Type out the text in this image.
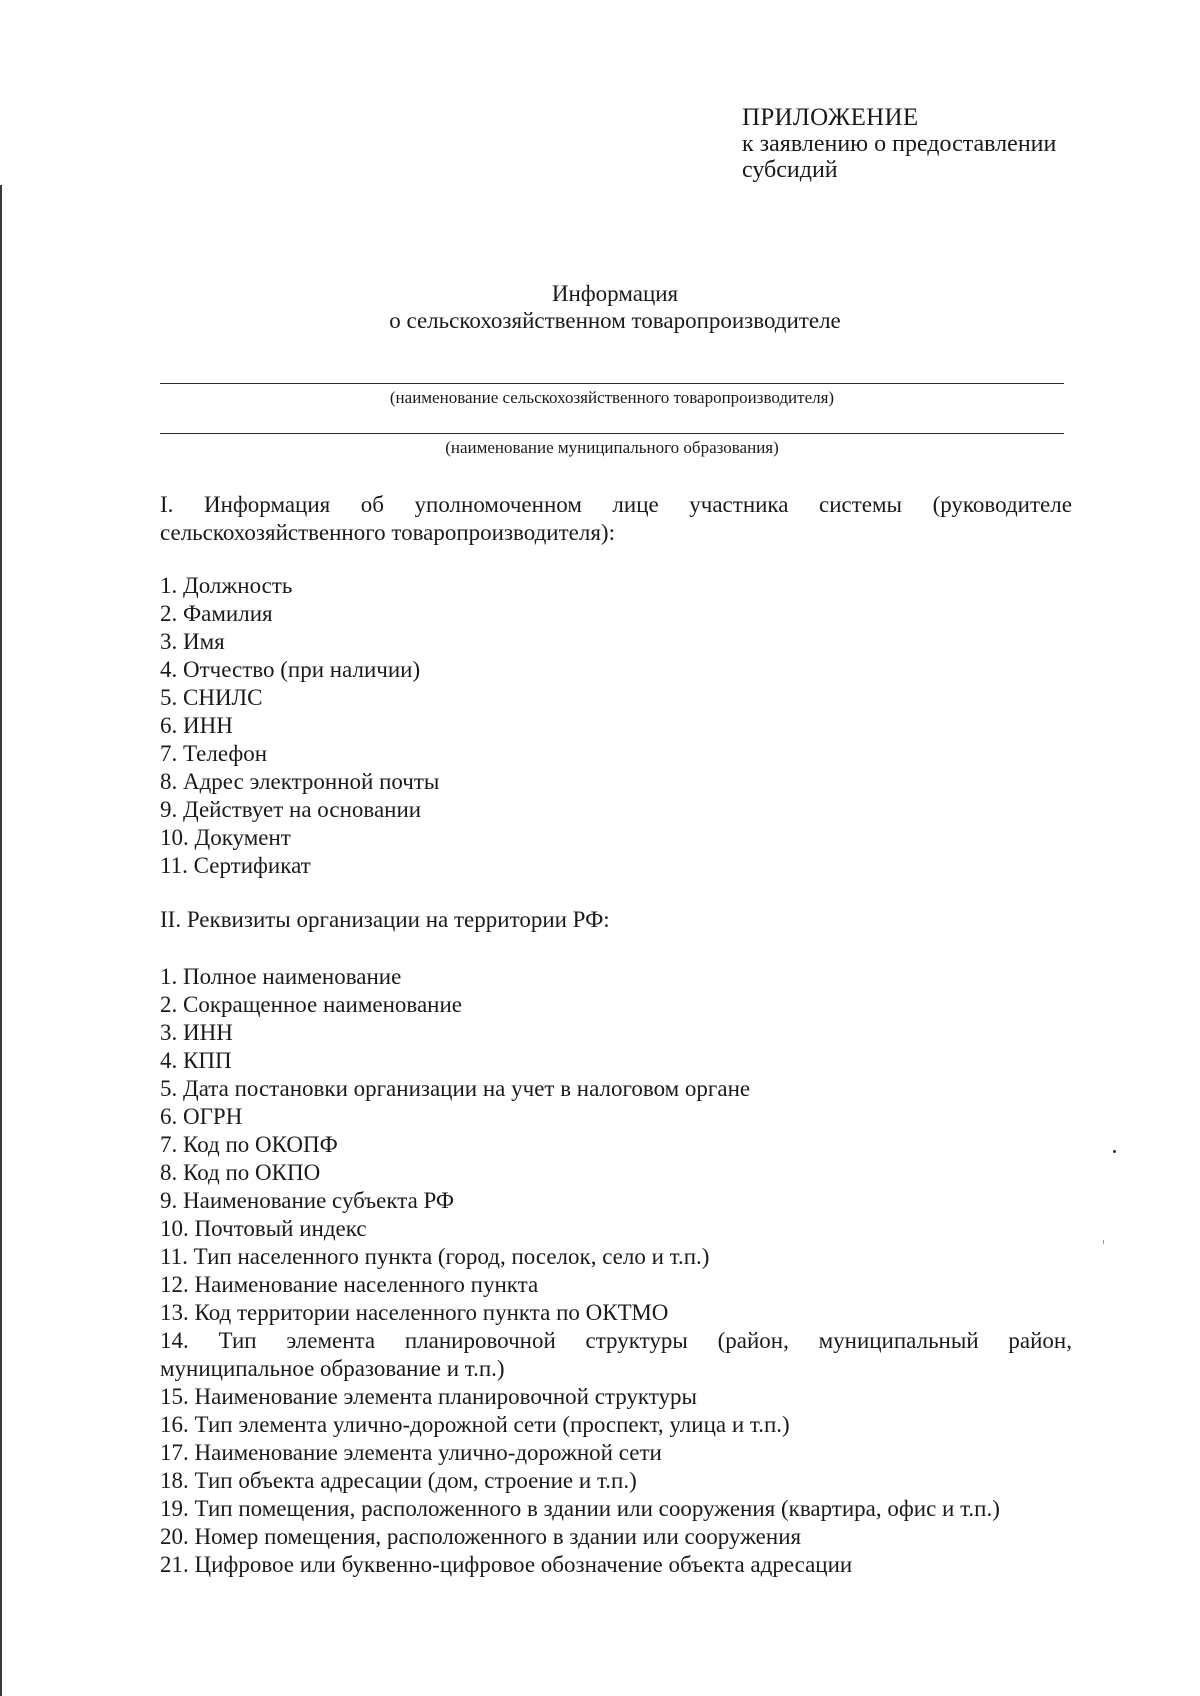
ПРИЛОЖЕНИЕ
к заявлению о предоставлении
субсидий
Информация
о сельскохозяйственном товаропроизводителе
(наименование сельскохозяйственного товаропроизводителя)
(наименование муниципального образования)
I. Информация об уполномоченном лице участника системы (руководителе
сельскохозяйственного товаропроизводителя):
1. Должность
2. Фамилия
3. Имя
4. Отчество (при наличии)
5. СНИЛС
6. ИНН
7. Телефон
8. Адрес электронной почты
9. Действует на основании
10. Документ
11. Сертификат
II. Реквизиты организации на территории РФ:
1. Полное наименование
2. Сокращенное наименование
3. ИНН
4. КПП
5. Дата постановки организации на учет в налоговом органе
6. ОГРН
7. Код по ОКОПФ
8. Код по ОКПО
9. Наименование субъекта РФ
10. Почтовый индекс
11. Тип населенного пункта (город, поселок, село и т.п.)
12. Наименование населенного пункта
13. Код территории населенного пункта по ОКТМО
14. Тип элемента планировочной структуры (район, муниципальный район,
муниципальное образование и т.п.)
15. Наименование элемента планировочной структуры
16. Тип элемента улично-дорожной сети (проспект, улица и т.п.)
17. Наименование элемента улично-дорожной сети
18. Тип объекта адресации (дом, строение и т.п.)
19. Тип помещения, расположенного в здании или сооружения (квартира, офис и т.п.)
20. Номер помещения, расположенного в здании или сооружения
21. Цифровое или буквенно-цифровое обозначение объекта адресации
